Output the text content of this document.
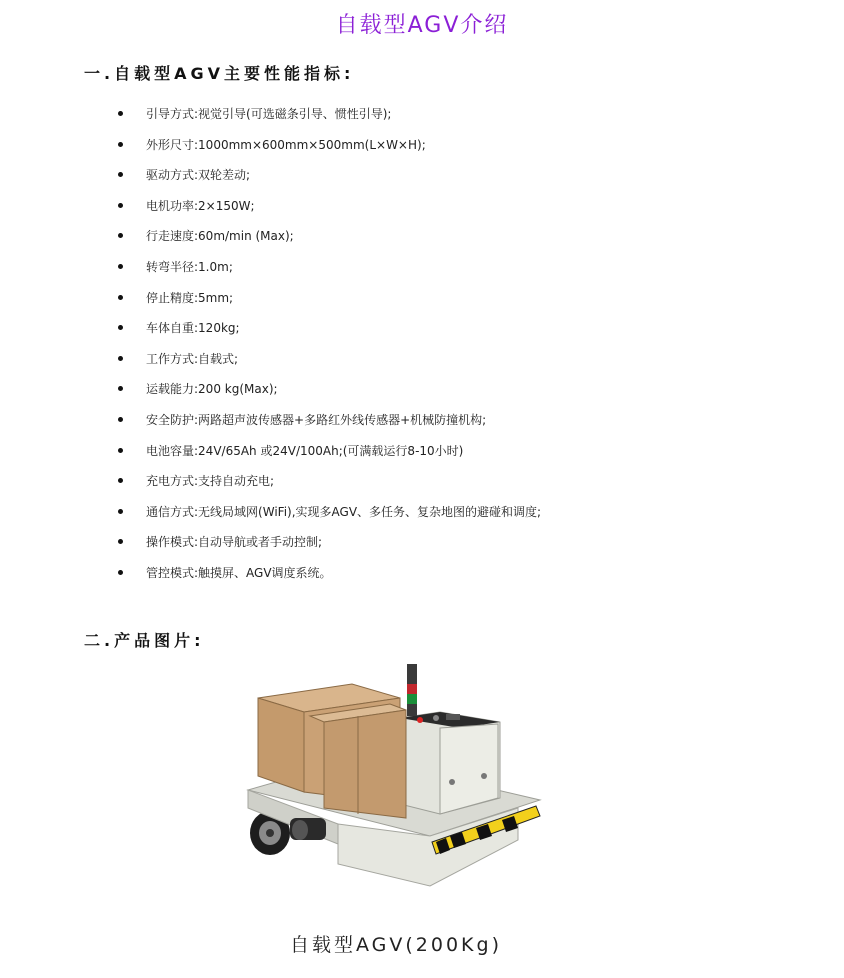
自载型AGV介绍
一.自载型AGV主要性能指标:
引导方式: 视觉引导(可选磁条引导、惯性引导);
外形尺寸: 1000mm×600mm×500mm(L×W×H);
驱动方式: 双轮差动;
电机功率: 2×150W;
行走速度: 60m/min (Max);
转弯半径: 1.0m;
停止精度: 5mm;
车体自重: 120kg;
工作方式: 自载式;
运载能力: 200 kg(Max);
安全防护: 两路超声波传感器+多路红外线传感器+机械防撞机构;
电池容量: 24V/65Ah 或24V/100Ah;(可满载运行8-10小时)
充电方式: 支持自动充电;
通信方式: 无线局域网(WiFi),实现多AGV、多任务、复杂地图的避碰和调度;
操作模式: 自动导航或者手动控制;
管控模式: 触摸屏、AGV调度系统。
二.产品图片:
自载型AGV(200Kg)
